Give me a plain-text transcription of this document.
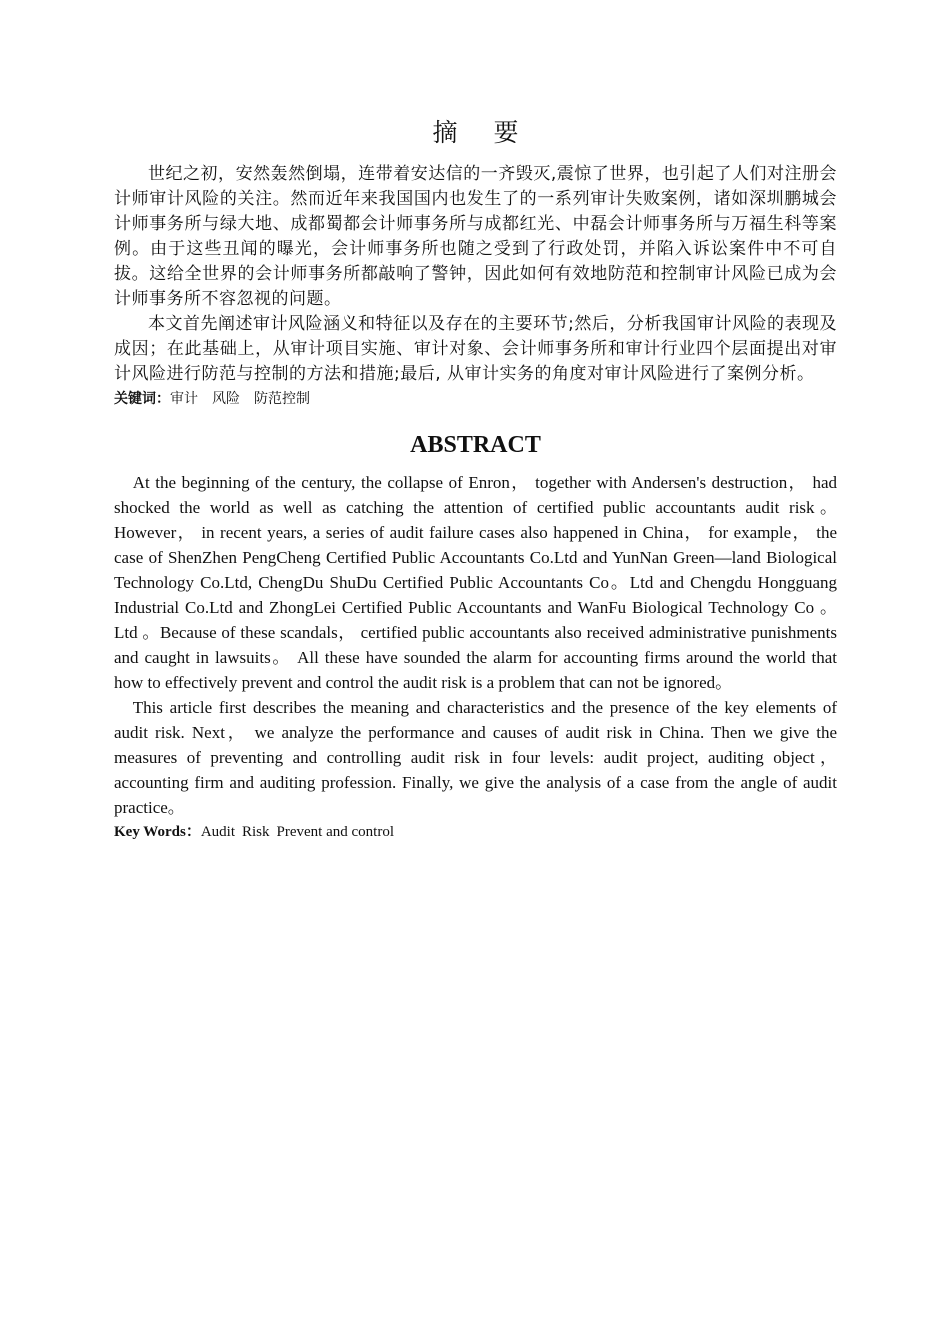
摘 要

世纪之初，安然轰然倒塌，连带着安达信的一齐毁灭,震惊了世界，也引起了人们对注册会计师审计风险的关注。然而近年来我国国内也发生了的一系列审计失败案例，诸如深圳鹏城会计师事务所与绿大地、成都蜀都会计师事务所与成都红光、中磊会计师事务所与万福生科等案例。由于这些丑闻的曝光，会计师事务所也随之受到了行政处罚，并陷入诉讼案件中不可自拔。这给全世界的会计师事务所都敲响了警钟，因此如何有效地防范和控制审计风险已成为会计师事务所不容忽视的问题。

本文首先阐述审计风险涵义和特征以及存在的主要环节;然后，分析我国审计风险的表现及成因；在此基础上，从审计项目实施、审计对象、会计师事务所和审计行业四个层面提出对审计风险进行防范与控制的方法和措施;最后, 从审计实务的角度对审计风险进行了案例分析。

关键词：审计 风险 防范控制

ABSTRACT

At the beginning of the century, the collapse of Enron， together with Andersen's destruction， had shocked the world as well as catching the attention of certified public accountants audit risk。 However， in recent years, a series of audit failure cases also happened in China， for example， the case of ShenZhen PengCheng Certified Public Accountants Co.Ltd and YunNan Green—land Biological Technology Co.Ltd, ChengDu ShuDu Certified Public Accountants Co。Ltd and Chengdu Hongguang Industrial Co.Ltd and ZhongLei Certified Public Accountants and WanFu Biological Technology Co 。Ltd 。Because of these scandals， certified public accountants also received administrative punishments and caught in lawsuits。 All these have sounded the alarm for accounting firms around the world that how to effectively prevent and control the audit risk is a problem that can not be ignored。

This article first describes the meaning and characteristics and the presence of the key elements of audit risk. Next， we analyze the performance and causes of audit risk in China. Then we give the measures of preventing and controlling audit risk in four levels: audit project, auditing object， accounting firm and auditing profession. Finally, we give the analysis of a case from the angle of audit practice。

Key Words：Audit Risk Prevent and control
